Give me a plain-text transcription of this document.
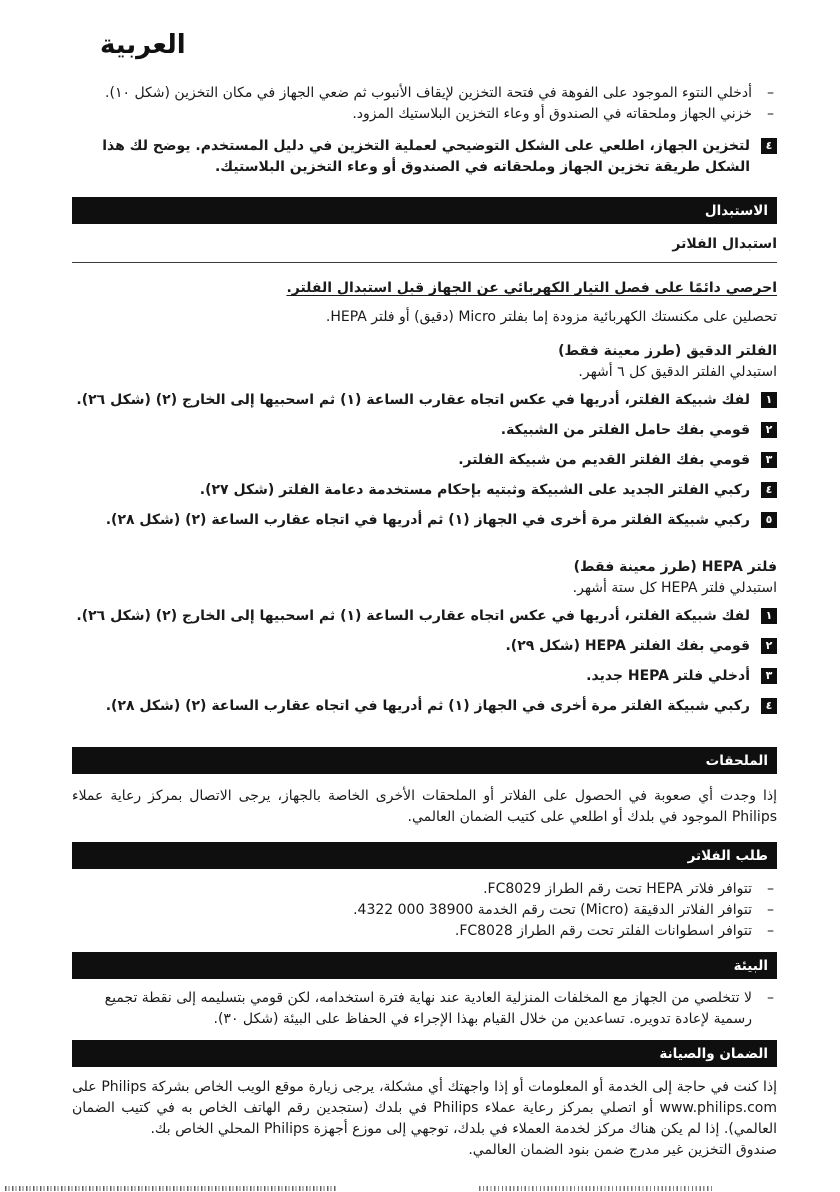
العربية
–
أدخلي النتوء الموجود على الفوهة في فتحة التخزين لإيقاف الأنبوب ثم ضعي الجهاز في مكان التخزين (شكل ١٠).
–
خزني الجهاز وملحقاته في الصندوق أو وعاء التخزين البلاستيك المزود.
٤
لتخزين الجهاز، اطلعي على الشكل التوضيحي لعملية التخزين في دليل المستخدم. يوضح لك هذا الشكل طريقة تخزين الجهاز وملحقاته في الصندوق أو وعاء التخزين البلاستيك.
الاستبدال
استبدال الفلاتر

احرصي دائمًا على فصل التيار الكهربائي عن الجهاز قبل استبدال الفلتر.

تحصلين على مكنستك الكهربائية مزودة إما بفلتر Micro (دقيق) أو فلتر HEPA.

الفلتر الدقيق (طرز معينة فقط)

استبدلي الفلتر الدقيق كل ٦ أشهر.

١
لفك شبيكة الفلتر، أدريها في عكس اتجاه عقارب الساعة (١) ثم اسحبيها إلى الخارج (٢) (شكل ٢٦).
٢
قومي بفك حامل الفلتر من الشبيكة.
٣
قومي بفك الفلتر القديم من شبيكة الفلتر.
٤
ركبي الفلتر الجديد على الشبيكة وثبتيه بإحكام مستخدمة دعامة الفلتر (شكل ٢٧).
٥
ركبي شبيكة الفلتر مرة أخرى في الجهاز (١) ثم أدريها في اتجاه عقارب الساعة (٢) (شكل ٢٨).
فلتر HEPA (طرز معينة فقط)

استبدلي فلتر HEPA كل ستة أشهر.

١
لفك شبيكة الفلتر، أدريها في عكس اتجاه عقارب الساعة (١) ثم اسحبيها إلى الخارج (٢) (شكل ٢٦).
٢
قومي بفك الفلتر HEPA (شكل ٢٩).
٣
أدخلي فلتر HEPA جديد.
٤
ركبي شبيكة الفلتر مرة أخرى في الجهاز (١) ثم أدريها في اتجاه عقارب الساعة (٢) (شكل ٢٨).
الملحقات

إذا وجدت أي صعوبة في الحصول على الفلاتر أو الملحقات الأخرى الخاصة بالجهاز، يرجى الاتصال بمركز رعاية عملاء Philips الموجود في بلدك أو اطلعي على كتيب الضمان العالمي.

طلب الفلاتر
–
تتوافر فلاتر HEPA تحت رقم الطراز FC8029.
–
تتوافر الفلاتر الدقيقة (Micro) تحت رقم الخدمة ‪4322 000 38900‬.
–
تتوافر اسطوانات الفلتر تحت رقم الطراز FC8028.
البيئة
–
لا تتخلصي من الجهاز مع المخلفات المنزلية العادية عند نهاية فترة استخدامه، لكن قومي بتسليمه إلى نقطة تجميع رسمية لإعادة تدويره. تساعدين من خلال القيام بهذا الإجراء في الحفاظ على البيئة (شكل ٣٠).
الضمان والصيانة

إذا كنت في حاجة إلى الخدمة أو المعلومات أو إذا واجهتك أي مشكلة، يرجى زيارة موقع الويب الخاص بشركة Philips على www.philips.com أو اتصلي بمركز رعاية عملاء Philips في بلدك (ستجدين رقم الهاتف الخاص به في كتيب الضمان العالمي). إذا لم يكن هناك مركز لخدمة العملاء في بلدك، توجهي إلى موزع أجهزة Philips المحلي الخاص بك.

صندوق التخزين غير مدرج ضمن بنود الضمان العالمي.
